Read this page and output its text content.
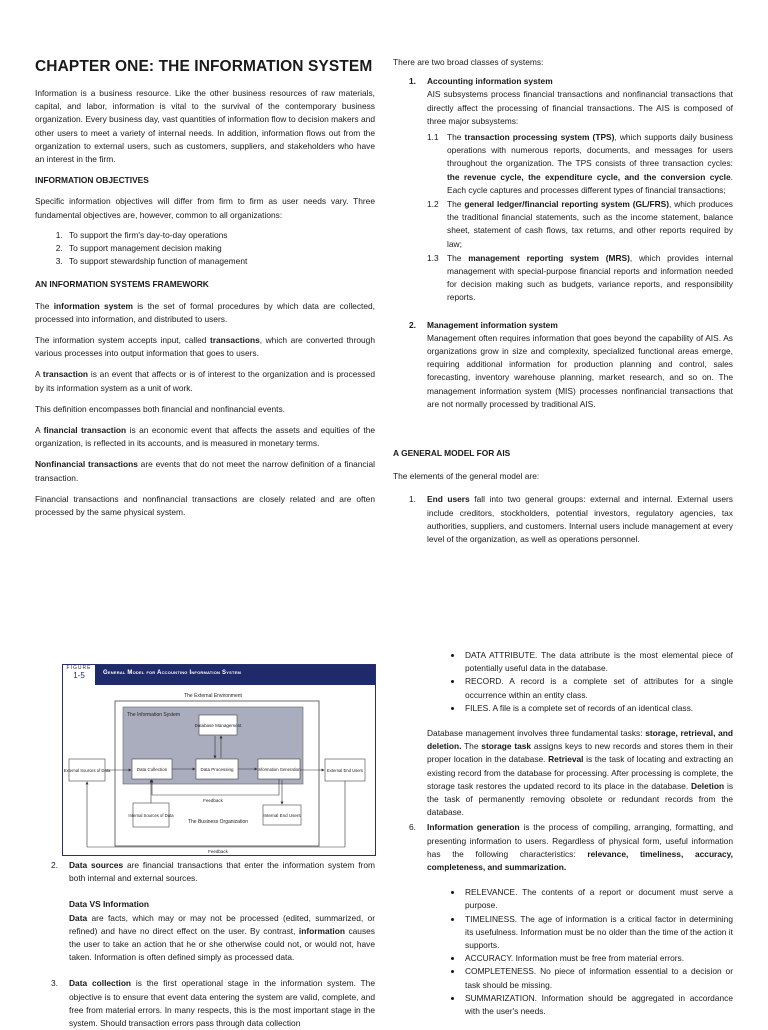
CHAPTER ONE: THE INFORMATION SYSTEM

Information is a business resource. Like the other business resources of raw materials, capital, and labor, information is vital to the survival of the contemporary business organization. Every business day, vast quantities of information flow to decision makers and other users to meet a variety of internal needs. In addition, information flows out from the organization to external users, such as customers, suppliers, and stakeholders who have an interest in the firm.

INFORMATION OBJECTIVES

Specific information objectives will differ from firm to firm as user needs vary. Three fundamental objectives are, however, common to all organizations:

1. To support the firm's day-to-day operations
2. To support management decision making
3. To support stewardship function of management
AN INFORMATION SYSTEMS FRAMEWORK

The information system is the set of formal procedures by which data are collected, processed into information, and distributed to users.

The information system accepts input, called transactions, which are converted through various processes into output information that goes to users.

A transaction is an event that affects or is of interest to the organization and is processed by its information system as a unit of work.

This definition encompasses both financial and nonfinancial events.

A financial transaction is an economic event that affects the assets and equities of the organization, is reflected in its accounts, and is measured in monetary terms.

Nonfinancial transactions are events that do not meet the narrow definition of a financial transaction.

Financial transactions and nonfinancial transactions are closely related and are often processed by the same physical system.

There are two broad classes of systems:

1. Accounting information system
AIS subsystems process financial transactions and nonfinancial transactions that directly affect the processing of financial transactions. The AIS is composed of three major subsystems:
1.1 The transaction processing system (TPS), which supports daily business operations with numerous reports, documents, and messages for users throughout the organization. The TPS consists of three transaction cycles: the revenue cycle, the expenditure cycle, and the conversion cycle. Each cycle captures and processes different types of financial transactions;
1.2 The general ledger/financial reporting system (GL/FRS), which produces the traditional financial statements, such as the income statement, balance sheet, statement of cash flows, tax returns, and other reports required by law;
1.3 The management reporting system (MRS), which provides internal management with special-purpose financial reports and information needed for decision making such as budgets, variance reports, and responsibility reports.
2. Management information system
Management often requires information that goes beyond the capability of AIS. As organizations grow in size and complexity, specialized functional areas emerge, requiring additional information for production planning and control, sales forecasting, inventory warehouse planning, market research, and so on. The management information system (MIS) processes nonfinancial transactions that are not normally processed by traditional AIS.
A GENERAL MODEL FOR AIS

The elements of the general model are:

1. End users fall into two general groups: external and internal. External users include creditors, stockholders, potential investors, regulatory agencies, tax authorities, suppliers, and customers. Internal users include management at every level of the organization, as well as operations personnel.
FIGURE
1-5	General Model for Accounting Information System
The External Environment
The Information System
Database Management
External Sources of Data	Data Collection	Data Processing	Information Generation	External End Users
Feedback
Internal Sources of Data
The Business Organization
Internal End Users
Feedback
2. Data sources are financial transactions that enter the information system from both internal and external sources.
Data VS Information
Data are facts, which may or may not be processed (edited, summarized, or refined) and have no direct effect on the user. By contrast, information causes the user to take an action that he or she otherwise could not, or would not, have taken. Information is often defined simply as processed data.
3. Data collection is the first operational stage in the information system. The objective is to ensure that event data entering the system are valid, complete, and free from material errors. In many respects, this is the most important stage in the system. Should transaction errors pass through data collection
• DATA ATTRIBUTE. The data attribute is the most elemental piece of potentially useful data in the database.
• RECORD. A record is a complete set of attributes for a single occurrence within an entity class.
• FILES. A file is a complete set of records of an identical class.
Database management involves three fundamental tasks: storage, retrieval, and deletion. The storage task assigns keys to new records and stores them in their proper location in the database. Retrieval is the task of locating and extracting an existing record from the database for processing. After processing is complete, the storage task restores the updated record to its place in the database. Deletion is the task of permanently removing obsolete or redundant records from the database.
6. Information generation is the process of compiling, arranging, formatting, and presenting information to users. Regardless of physical form, useful information has the following characteristics: relevance, timeliness, accuracy, completeness, and summarization.
• RELEVANCE. The contents of a report or document must serve a purpose.
• TIMELINESS. The age of information is a critical factor in determining its usefulness. Information must be no older than the time of the action it supports.
• ACCURACY. Information must be free from material errors.
• COMPLETENESS. No piece of information essential to a decision or task should be missing.
• SUMMARIZATION. Information should be aggregated in accordance with the user's needs.
